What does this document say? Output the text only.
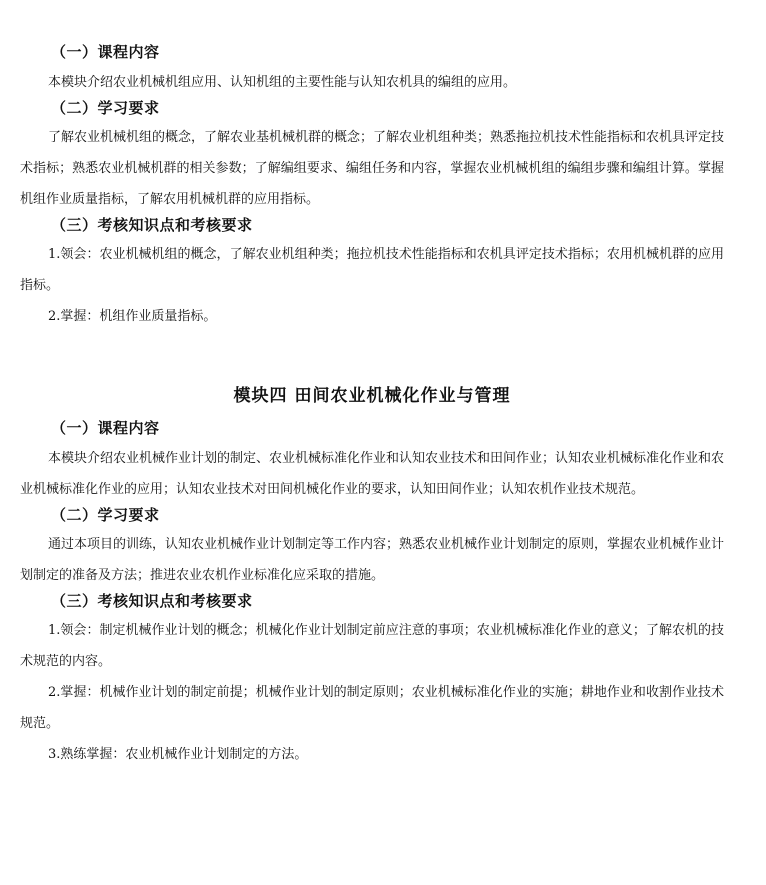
（一）课程内容

本模块介绍农业机械机组应用、认知机组的主要性能与认知农机具的编组的应用。

（二）学习要求

了解农业机械机组的概念，了解农业基机械机群的概念；了解农业机组种类；熟悉拖拉机技术性能指标和农机具评定技术指标；熟悉农业机械机群的相关参数；了解编组要求、编组任务和内容，掌握农业机械机组的编组步骤和编组计算。掌握机组作业质量指标，了解农用机械机群的应用指标。

（三）考核知识点和考核要求

1.领会：农业机械机组的概念，了解农业机组种类；拖拉机技术性能指标和农机具评定技术指标；农用机械机群的应用指标。

2.掌握：机组作业质量指标。

模块四 田间农业机械化作业与管理
（一）课程内容

本模块介绍农业机械作业计划的制定、农业机械标准化作业和认知农业技术和田间作业；认知农业机械标准化作业和农业机械标准化作业的应用；认知农业技术对田间机械化作业的要求，认知田间作业；认知农机作业技术规范。

（二）学习要求

通过本项目的训练，认知农业机械作业计划制定等工作内容；熟悉农业机械作业计划制定的原则，掌握农业机械作业计划制定的准备及方法；推进农业农机作业标准化应采取的措施。

（三）考核知识点和考核要求

1.领会：制定机械作业计划的概念；机械化作业计划制定前应注意的事项；农业机械标准化作业的意义；了解农机的技术规范的内容。

2.掌握：机械作业计划的制定前提；机械作业计划的制定原则；农业机械标准化作业的实施；耕地作业和收割作业技术规范。

3.熟练掌握：农业机械作业计划制定的方法。
